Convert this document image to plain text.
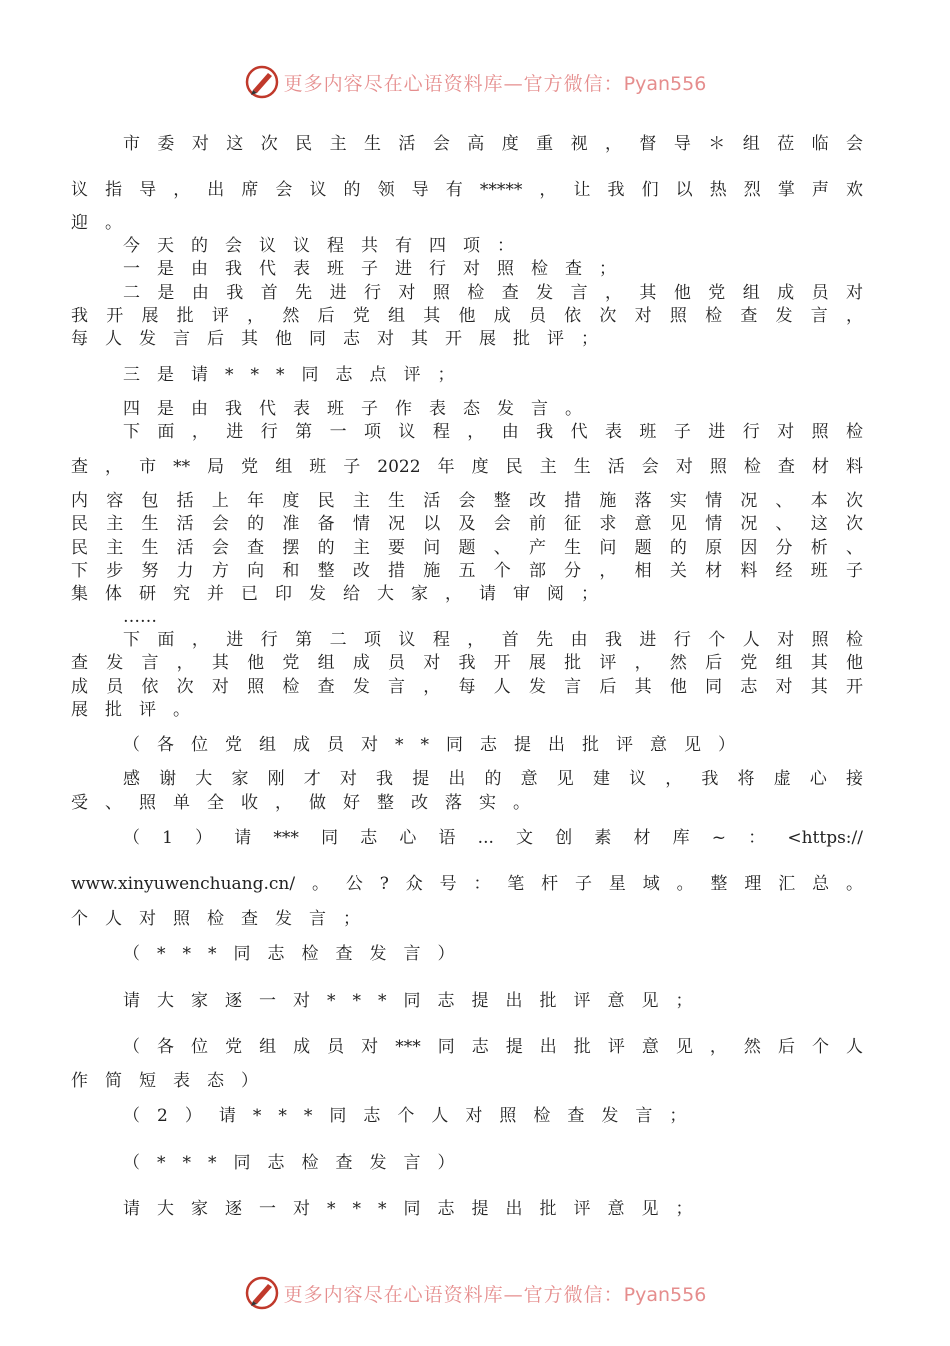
更多内容尽在心语资料库—官方微信：Pyan556
市委对这次民主生活会高度重视，督导＊组莅临会
议指导，出席会议的领导有*****，让我们以热烈掌声欢
迎。
今天的会议议程共有四项：
一是由我代表班子进行对照检查；
二是由我首先进行对照检查发言，其他党组成员对
我开展批评，然后党组其他成员依次对照检查发言，
每人发言后其他同志对其开展批评；
三是请***同志点评；
四是由我代表班子作表态发言。
下面，进行第一项议程，由我代表班子进行对照检
查，市**局党组班子2022年度民主生活会对照检查材料
内容包括上年度民主生活会整改措施落实情况、本次
民主生活会的准备情况以及会前征求意见情况、这次
民主生活会查摆的主要问题、产生问题的原因分析、
下步努力方向和整改措施五个部分，相关材料经班子
集体研究并已印发给大家，请审阅；
……
下面，进行第二项议程，首先由我进行个人对照检
查发言，其他党组成员对我开展批评，然后党组其他
成员依次对照检查发言，每人发言后其他同志对其开
展批评。
（各位党组成员对**同志提出批评意见）
感谢大家刚才对我提出的意见建议，我将虚心接
受、照单全收，做好整改落实。
（1）请***同志心语...文创素材库~：<https://
www.xinyuwenchuang.cn/。公?众号：笔杆子星域。整理汇总。
个人对照检查发言；
（***同志检查发言）
请大家逐一对***同志提出批评意见；
（各位党组成员对***同志提出批评意见，然后个人
作简短表态）
（2）请***同志个人对照检查发言；
（***同志检查发言）
请大家逐一对***同志提出批评意见；
更多内容尽在心语资料库—官方微信：Pyan556
